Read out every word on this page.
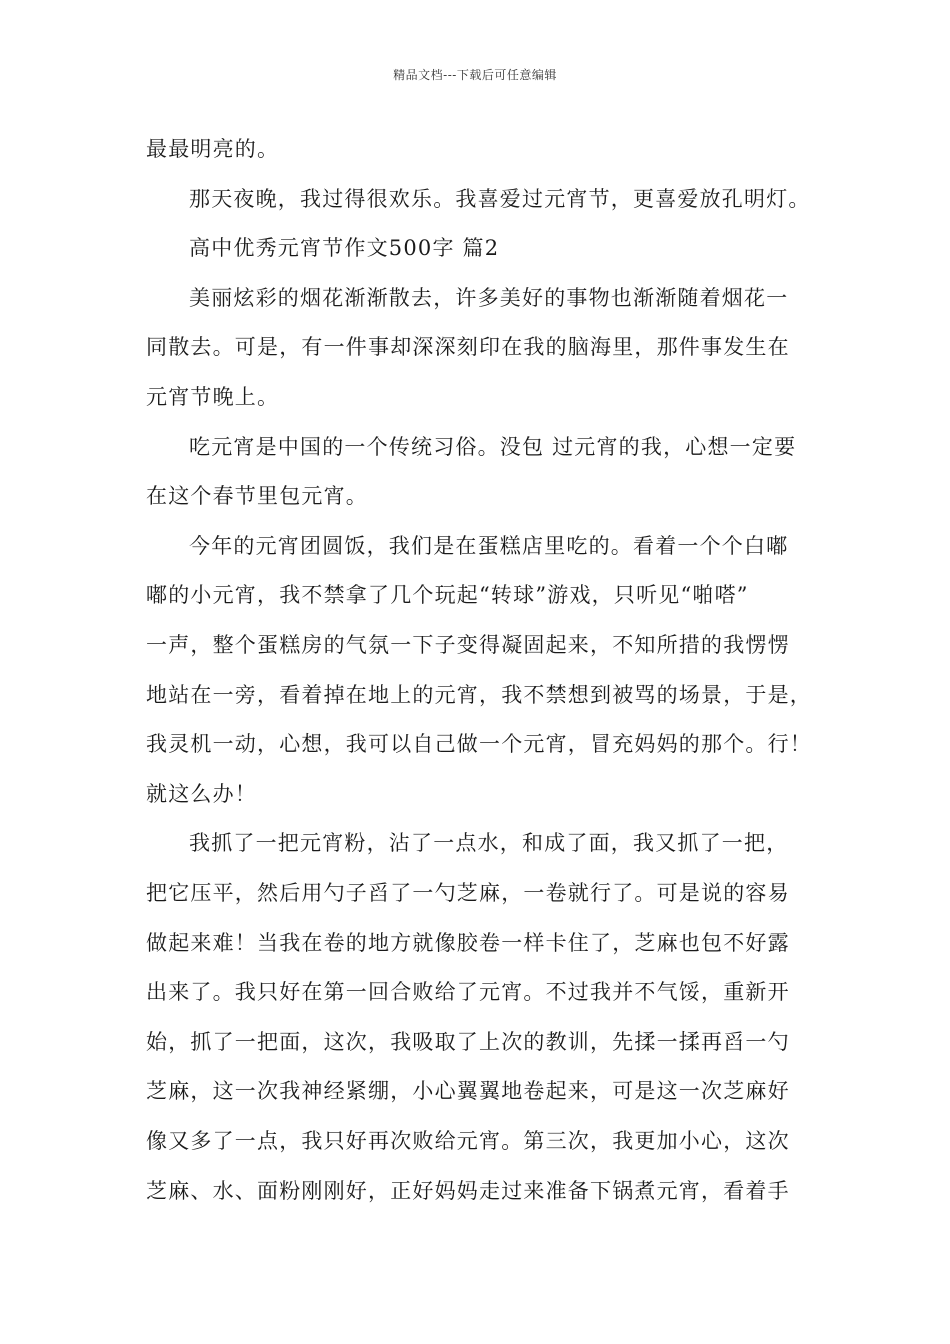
精品文档---下载后可任意编辑
最最明亮的。
那天夜晚，我过得很欢乐。我喜爱过元宵节，更喜爱放孔明灯。
高中优秀元宵节作文500字 篇2
美丽炫彩的烟花渐渐散去，许多美好的事物也渐渐随着烟花一
同散去。可是，有一件事却深深刻印在我的脑海里，那件事发生在
元宵节晚上。
吃元宵是中国的一个传统习俗。没包 过元宵的我，心想一定要
在这个春节里包元宵。
今年的元宵团圆饭，我们是在蛋糕店里吃的。看着一个个白嘟
嘟的小元宵，我不禁拿了几个玩起“转球”游戏，只听见“啪嗒”
一声，整个蛋糕房的气氛一下子变得凝固起来，不知所措的我愣愣
地站在一旁，看着掉在地上的元宵，我不禁想到被骂的场景，于是，
我灵机一动，心想，我可以自己做一个元宵，冒充妈妈的那个。行！
就这么办！
我抓了一把元宵粉，沾了一点水，和成了面，我又抓了一把，
把它压平，然后用勺子舀了一勺芝麻，一卷就行了。可是说的容易
做起来难！当我在卷的地方就像胶卷一样卡住了，芝麻也包不好露
出来了。我只好在第一回合败给了元宵。不过我并不气馁，重新开
始，抓了一把面，这次，我吸取了上次的教训，先揉一揉再舀一勺
芝麻，这一次我神经紧绷，小心翼翼地卷起来，可是这一次芝麻好
像又多了一点，我只好再次败给元宵。第三次，我更加小心，这次
芝麻、水、面粉刚刚好，正好妈妈走过来准备下锅煮元宵，看着手
